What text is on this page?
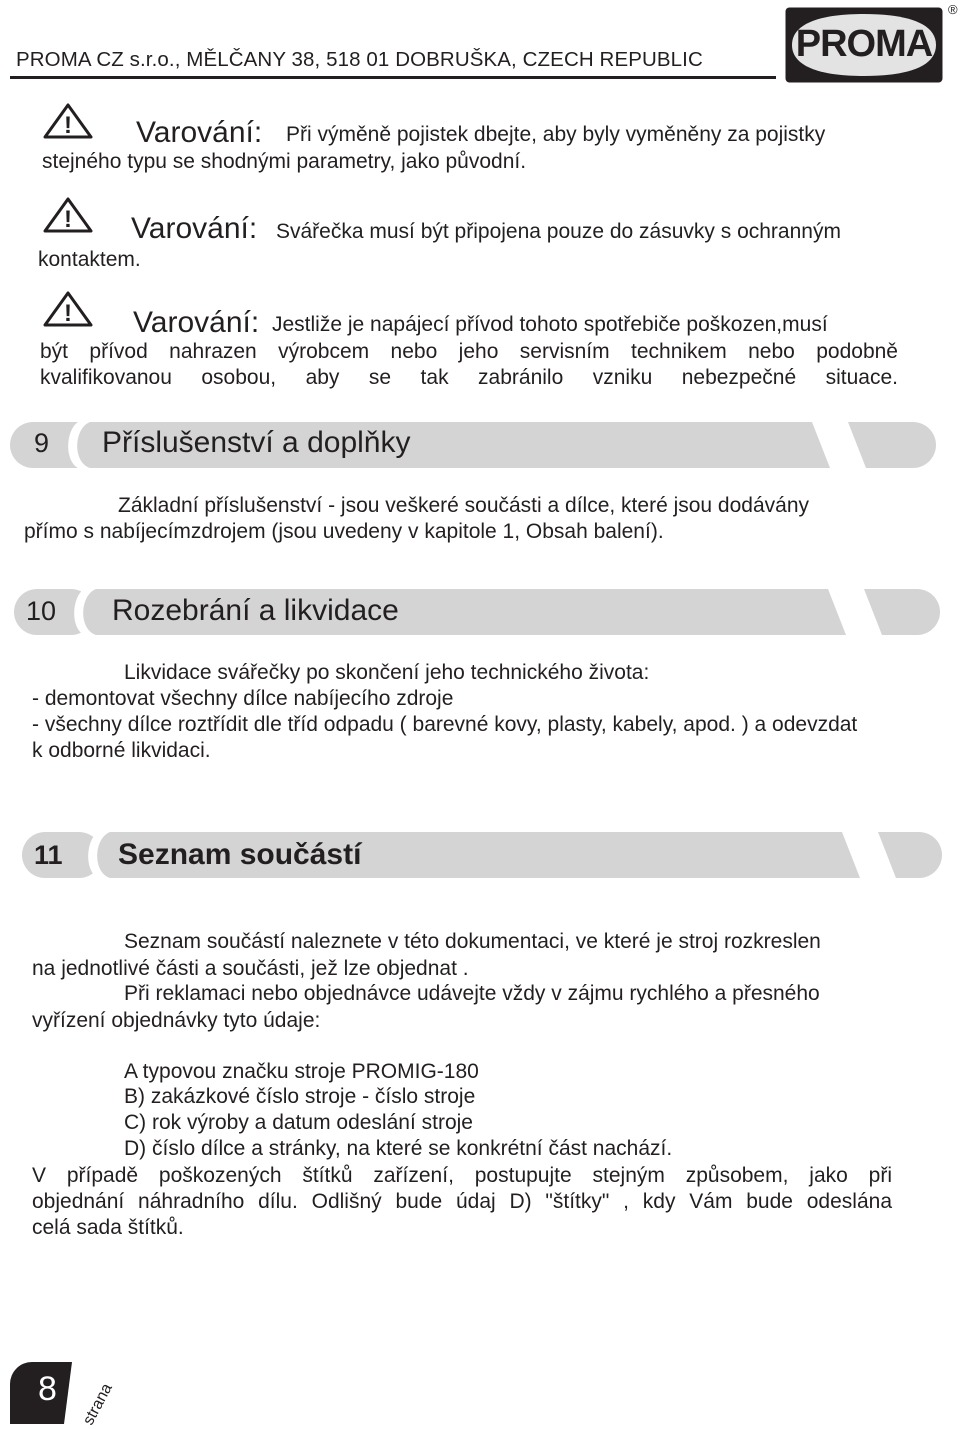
PROMA CZ s.r.o., MĚLČANY 38, 518 01 DOBRUŠKA, CZECH REPUBLIC	PROMA
®
! Varování: Při výměně pojistek dbejte, aby byly vyměněny za pojistky
stejného typu se shodnými parametry, jako původní.
! Varování: Svářečka musí být připojena pouze do zásuvky s ochranným
kontaktem.
! Varování: Jestliže je napájecí přívod tohoto spotřebiče poškozen,musí
být přívod nahrazen výrobcem nebo jeho servisním technikem nebo podobně
kvalifikovanou osobou, aby se tak zabránilo vzniku nebezpečné situace.
9 Příslušenství a doplňky
Základní příslušenství - jsou veškeré součásti a dílce, které jsou dodávány
přímo s nabíjecímzdrojem (jsou uvedeny v kapitole 1, Obsah balení).
10 Rozebrání a likvidace
Likvidace svářečky po skončení jeho technického života:
- demontovat všechny dílce nabíjecího zdroje
- všechny dílce roztřídit dle tříd odpadu ( barevné kovy, plasty, kabely, apod. ) a odevzdat
k odborné likvidaci.
11 Seznam součástí
Seznam součástí naleznete v této dokumentaci, ve které je stroj rozkreslen
na jednotlivé části a součásti, jež lze objednat .
Při reklamaci nebo objednávce udávejte vždy v zájmu rychlého a přesného
vyřízení objednávky tyto údaje:
A typovou značku stroje PROMIG-180
B) zakázkové číslo stroje - číslo stroje
C) rok výroby a datum odeslání stroje
D) číslo dílce a stránky, na které se konkrétní část nachází.
V případě poškozených štítků zařízení, postupujte stejným způsobem, jako při
objednání náhradního dílu. Odlišný bude údaj D) "štítky" , kdy Vám bude odeslána
celá sada štítků.
8 strana
